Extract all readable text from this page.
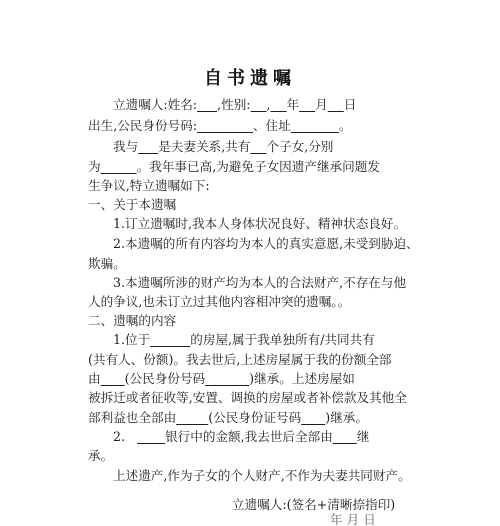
自书遗嘱
立遗嘱人:姓名: ,性别: , 年 月 日
出生,公民身份号码:	、住址	。
我与 是夫妻关系,共有 个子女,分别
为	。我年事已高,为避免子女因遗产继承问题发
生争议,特立遗嘱如下:
一、关于本遗嘱
1.订立遗嘱时,我本人身体状况良好、精神状态良好。
2.本遗嘱的所有内容均为本人的真实意愿,未受到胁迫、
欺骗。
3.本遗嘱所涉的财产均为本人的合法财产,不存在与他
人的争议,也未订立过其他内容相冲突的遗嘱。。
二、遗嘱的内容
1.位于	的房屋,属于我单独所有/共同共有
(共有人、份额)。我去世后,上述房屋属于我的份额全部
由 (公民身份号码	)继承。上述房屋如
被拆迁或者征收等,安置、调换的房屋或者补偿款及其他全
部利益也全部由	(公民身份证号码 )继承。
2.	银行中的金额,我去世后全部由 继
承。
上述遗产,作为子女的个人财产,不作为夫妻共同财产。
立遗嘱人:(签名+清晰捺指印)
年 月 日
